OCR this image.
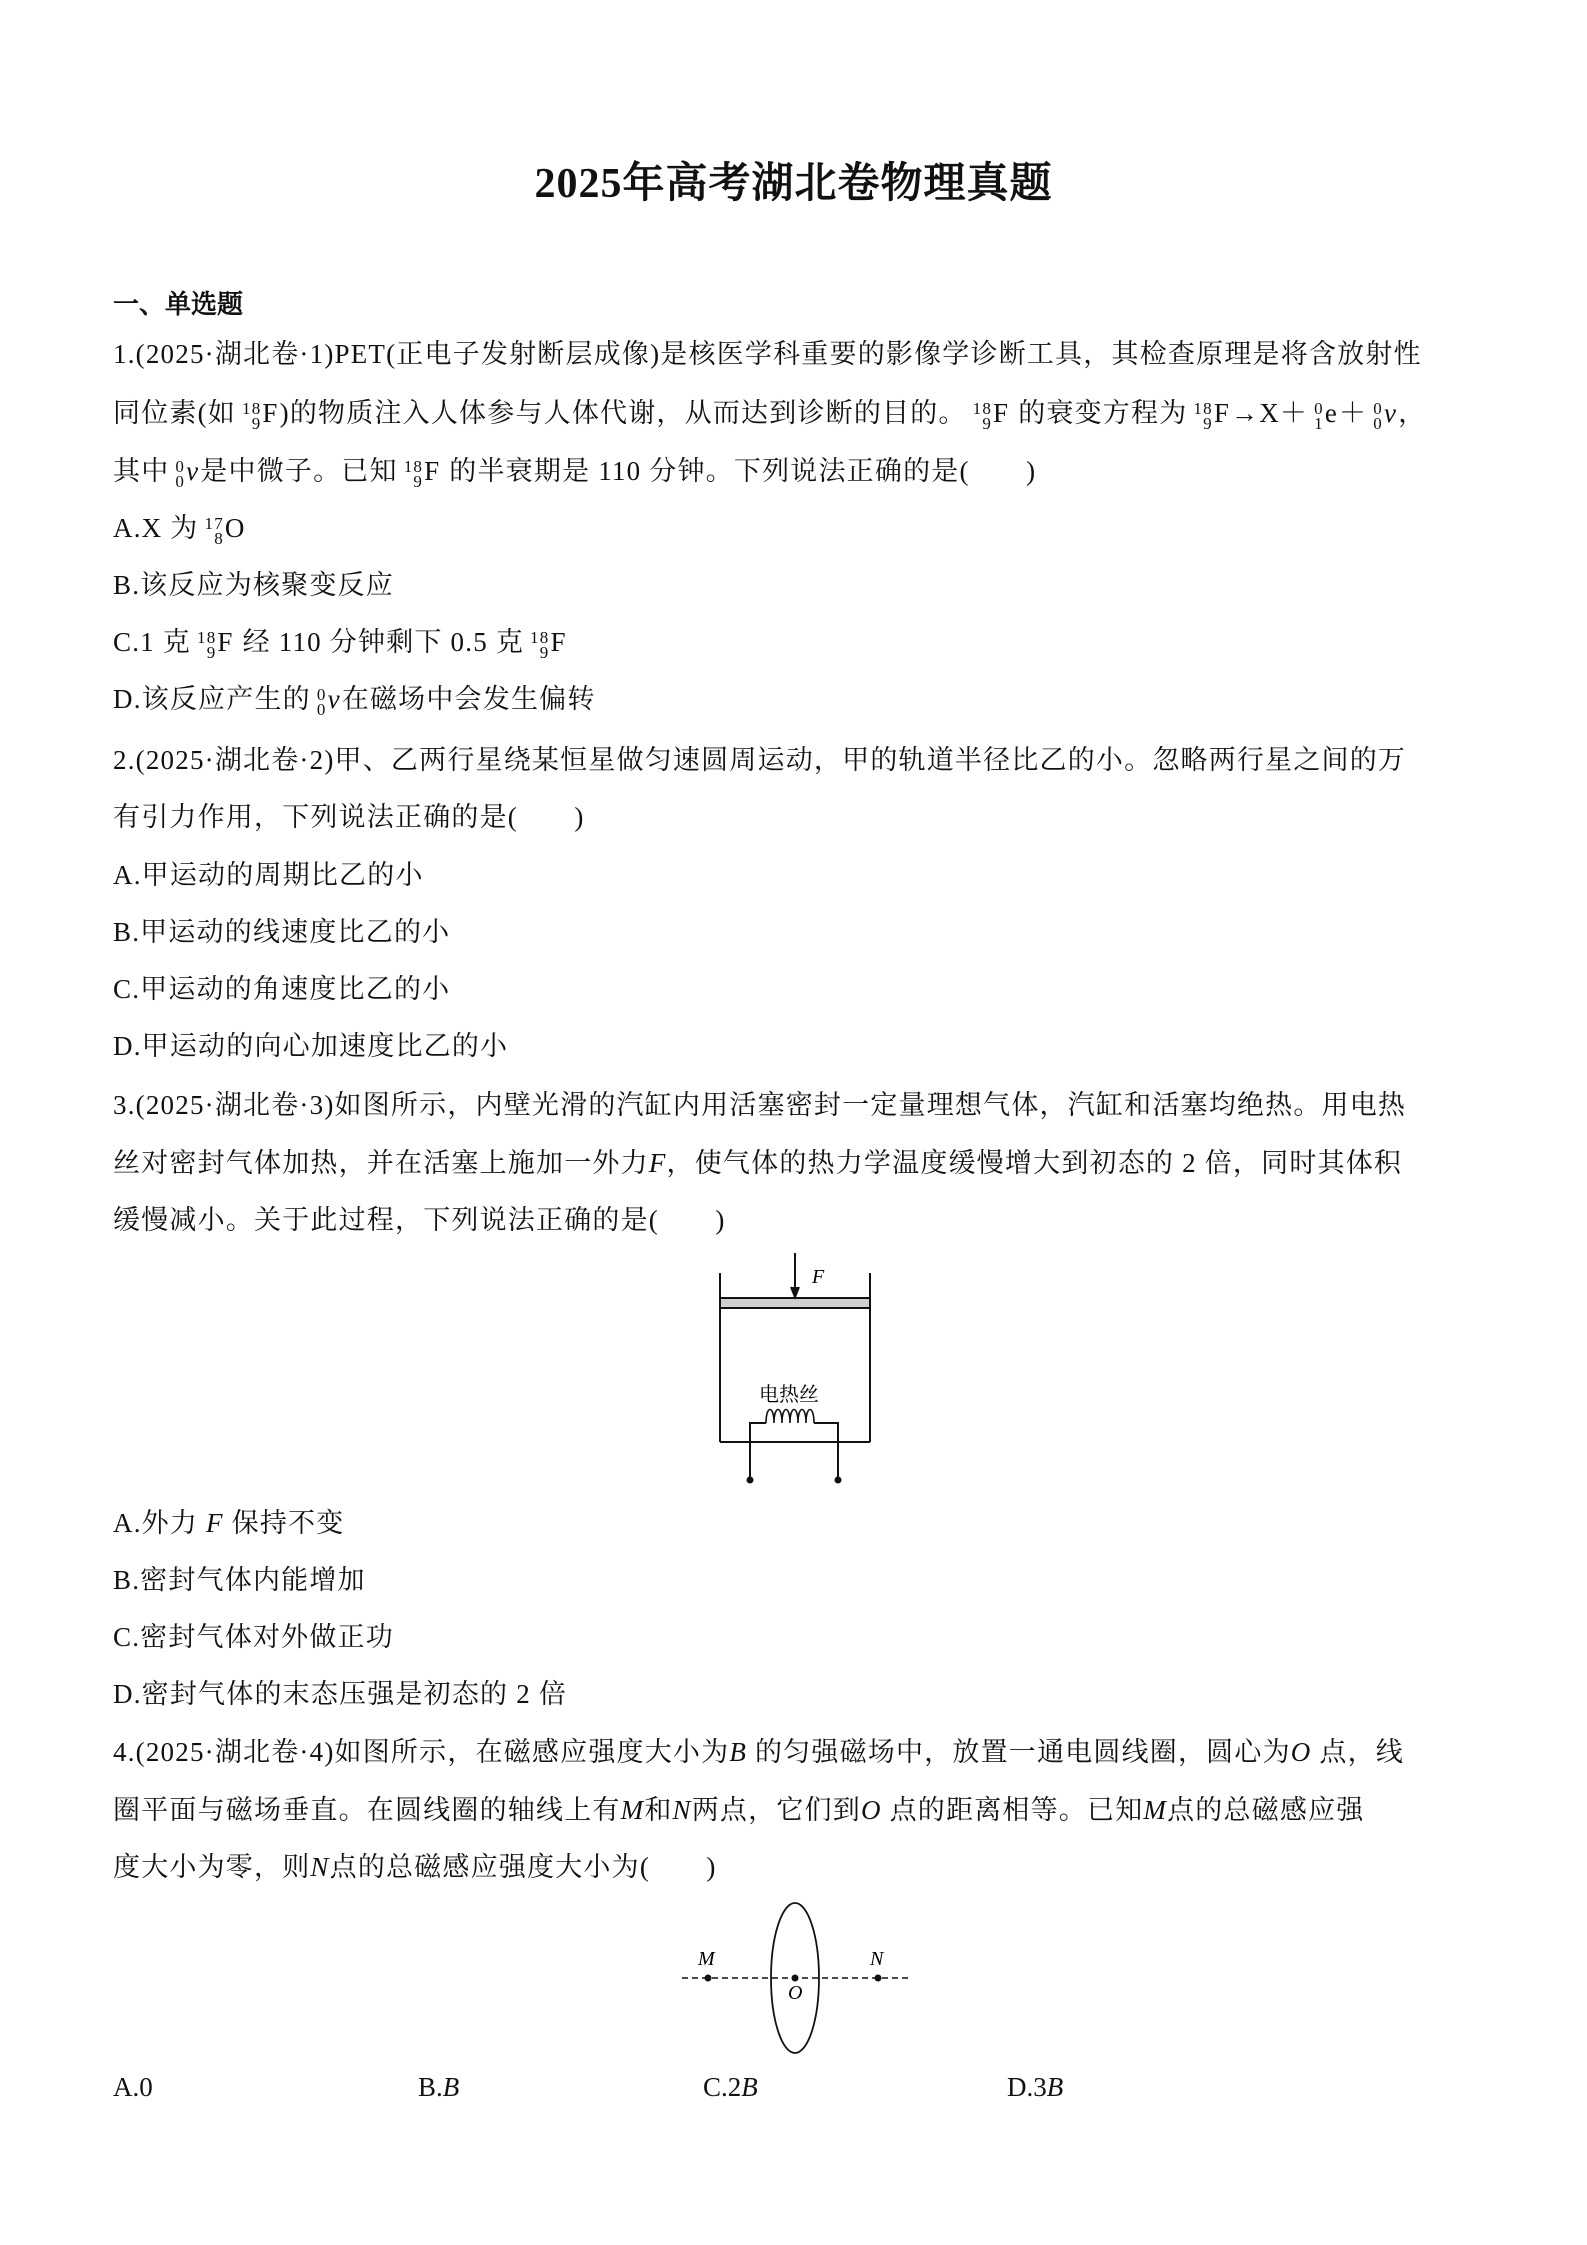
2025年高考湖北卷物理真题
一、单选题
1.(2025·湖北卷·1)PET(正电子发射断层成像)是核医学科重要的影像学诊断工具，其检查原理是将含放射性
同位素(如 18
9 F)的物质注入人体参与人体代谢，从而达到诊断的目的。 18
9 F 的衰变方程为 18
9 F→X＋ 0
1 e＋ 0
0 v，
其中 0
0 v是中微子。已知 18
9 F 的半衰期是 110 分钟。下列说法正确的是(　　)
A.X 为 17
8 O
B.该反应为核聚变反应
C.1 克 18
9 F 经 110 分钟剩下 0.5 克 18
9 F
D.该反应产生的 0
0 v在磁场中会发生偏转
2.(2025·湖北卷·2)甲、乙两行星绕某恒星做匀速圆周运动，甲的轨道半径比乙的小。忽略两行星之间的万
有引力作用，下列说法正确的是(　　)
A.甲运动的周期比乙的小
B.甲运动的线速度比乙的小
C.甲运动的角速度比乙的小
D.甲运动的向心加速度比乙的小
3.(2025·湖北卷·3)如图所示，内壁光滑的汽缸内用活塞密封一定量理想气体，汽缸和活塞均绝热。用电热
丝对密封气体加热，并在活塞上施加一外力F，使气体的热力学温度缓慢增大到初态的 2 倍，同时其体积
缓慢减小。关于此过程，下列说法正确的是(　　)
A.外力 F 保持不变
B.密封气体内能增加
C.密封气体对外做正功
D.密封气体的末态压强是初态的 2 倍
4.(2025·湖北卷·4)如图所示，在磁感应强度大小为B 的匀强磁场中，放置一通电圆线圈，圆心为O 点，线
圈平面与磁场垂直。在圆线圈的轴线上有M和N两点，它们到O 点的距离相等。已知M点的总磁感应强
度大小为零，则N点的总磁感应强度大小为(　　)
A.0	B.B	C.2B	D.3B
F
电热丝
M
O
N
